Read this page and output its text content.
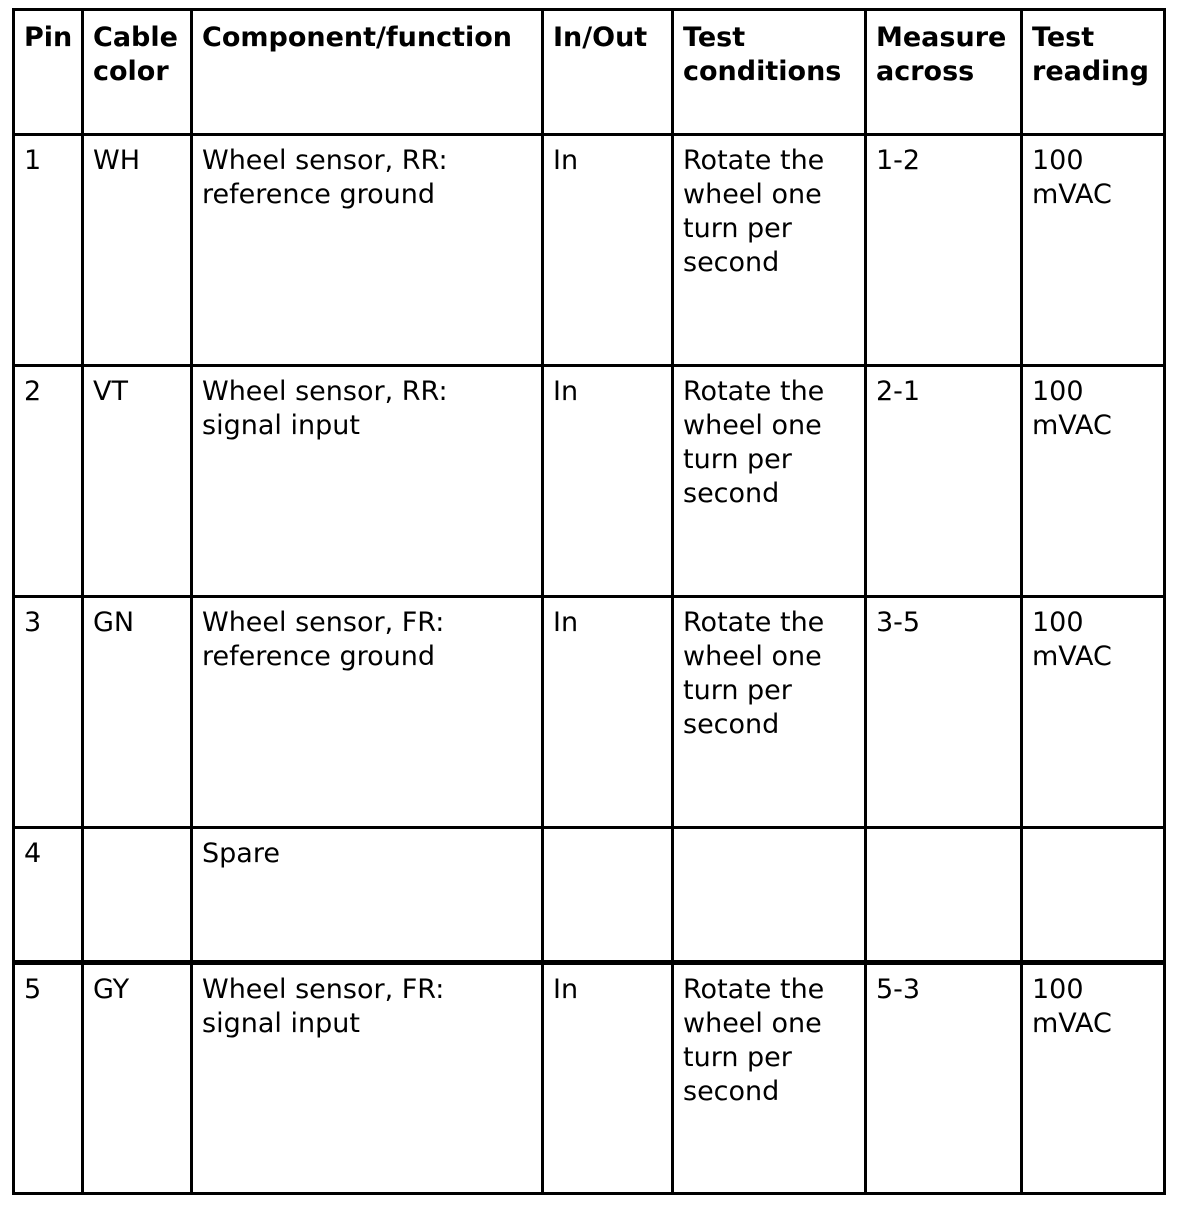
Pin	Cable color	Component/function	In/Out	Test conditions	Measure across	Test reading
1	WH	Wheel sensor, RR: reference ground	In	Rotate the wheel one turn per second	1-2	100 mVAC
2	VT	Wheel sensor, RR: signal input	In	Rotate the wheel one turn per second	2-1	100 mVAC
3	GN	Wheel sensor, FR: reference ground	In	Rotate the wheel one turn per second	3-5	100 mVAC
4		Spare				
5	GY	Wheel sensor, FR: signal input	In	Rotate the wheel one turn per second	5-3	100 mVAC
